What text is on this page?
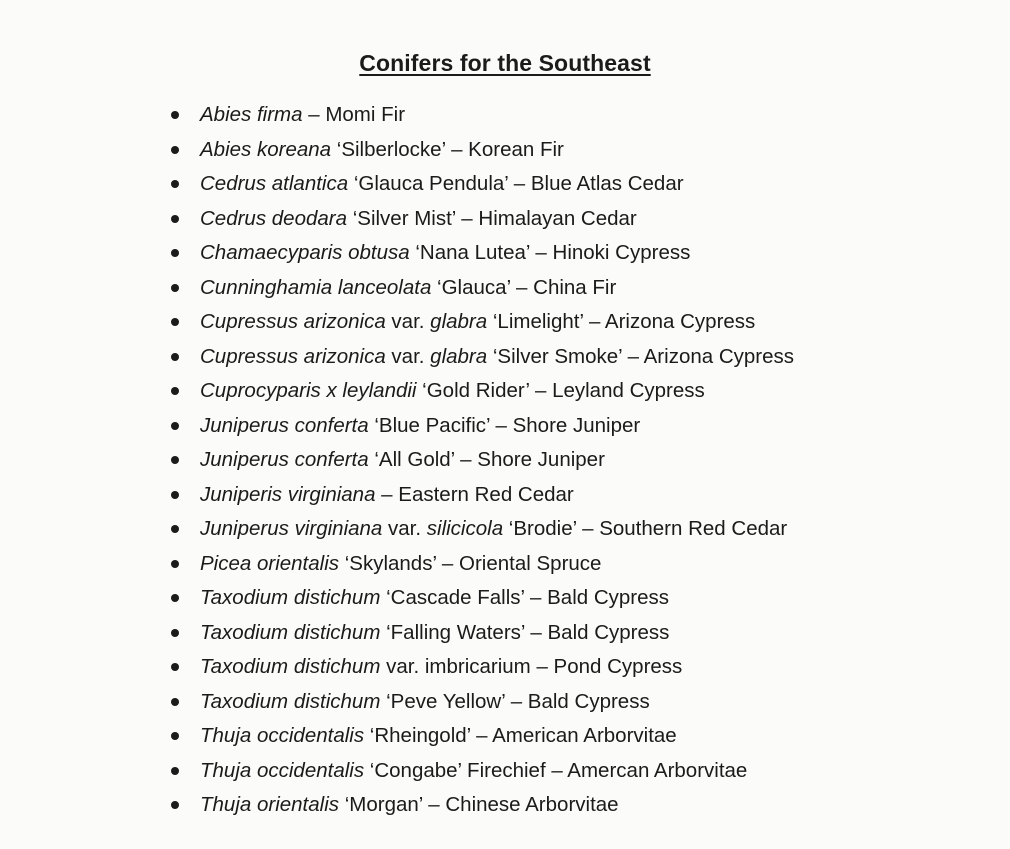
Conifers for the Southeast
Abies firma – Momi Fir
Abies koreana ‘Silberlocke’ – Korean Fir
Cedrus atlantica ‘Glauca Pendula’ – Blue Atlas Cedar
Cedrus deodara ‘Silver Mist’ – Himalayan Cedar
Chamaecyparis obtusa ‘Nana Lutea’ – Hinoki Cypress
Cunninghamia lanceolata ‘Glauca’ – China Fir
Cupressus arizonica var. glabra ‘Limelight’ – Arizona Cypress
Cupressus arizonica var. glabra ‘Silver Smoke’ – Arizona Cypress
Cuprocyparis x leylandii ‘Gold Rider’ – Leyland Cypress
Juniperus conferta ‘Blue Pacific’ – Shore Juniper
Juniperus conferta ‘All Gold’ – Shore Juniper
Juniperis virginiana – Eastern Red Cedar
Juniperus virginiana var. silicicola ‘Brodie’ – Southern Red Cedar
Picea orientalis ‘Skylands’ – Oriental Spruce
Taxodium distichum ‘Cascade Falls’ – Bald Cypress
Taxodium distichum ‘Falling Waters’ – Bald Cypress
Taxodium distichum var. imbricarium – Pond Cypress
Taxodium distichum ‘Peve Yellow’ – Bald Cypress
Thuja occidentalis ‘Rheingold’ – American Arborvitae
Thuja occidentalis ‘Congabe’ Firechief – Amercan Arborvitae
Thuja orientalis ‘Morgan’ – Chinese Arborvitae
